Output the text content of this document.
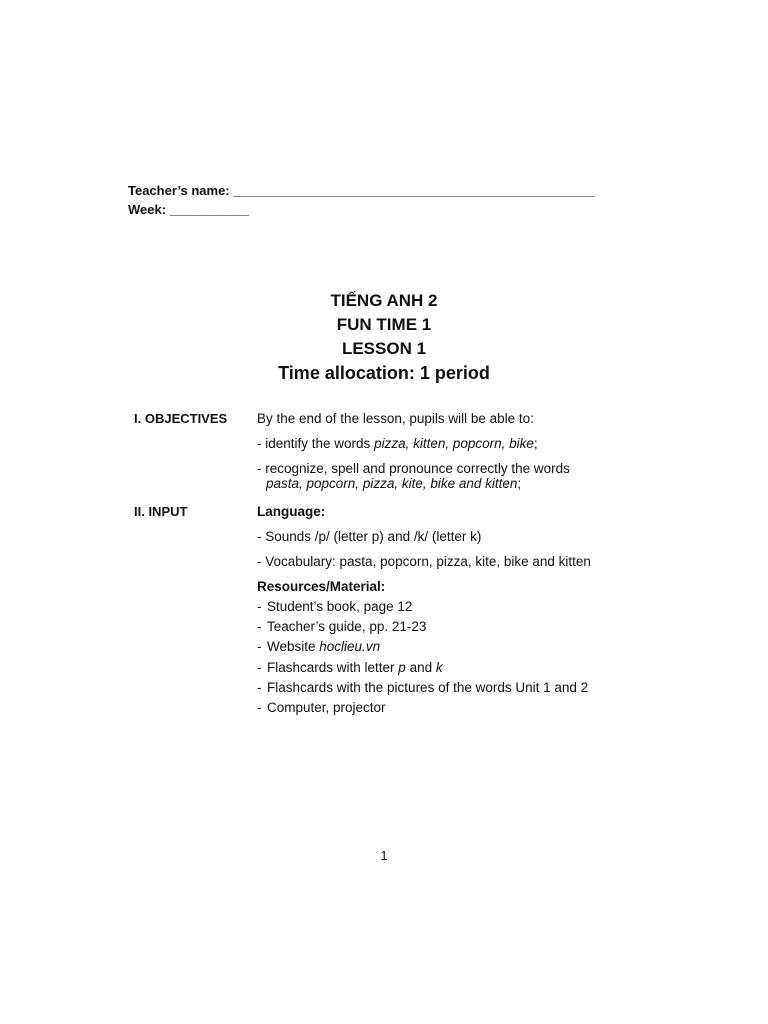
Teacher’s name: __________________________________________________
Week: ___________
TIẾNG ANH 2
FUN TIME 1
LESSON 1
Time allocation: 1 period
I. OBJECTIVES By the end of the lesson, pupils will be able to:
- identify the words pizza, kitten, popcorn, bike;
- recognize, spell and pronounce correctly the words
pasta, popcorn, pizza, kite, bike and kitten;
II. INPUT	Language:
- Sounds /p/ (letter p) and /k/ (letter k)
- Vocabulary: pasta, popcorn, pizza, kite, bike and kitten
Resources/Material:
- Student’s book, page 12
- Teacher’s guide, pp. 21-23
- Website hoclieu.vn
- Flashcards with letter p and k
- Flashcards with the pictures of the words Unit 1 and 2
- Computer, projector
1
